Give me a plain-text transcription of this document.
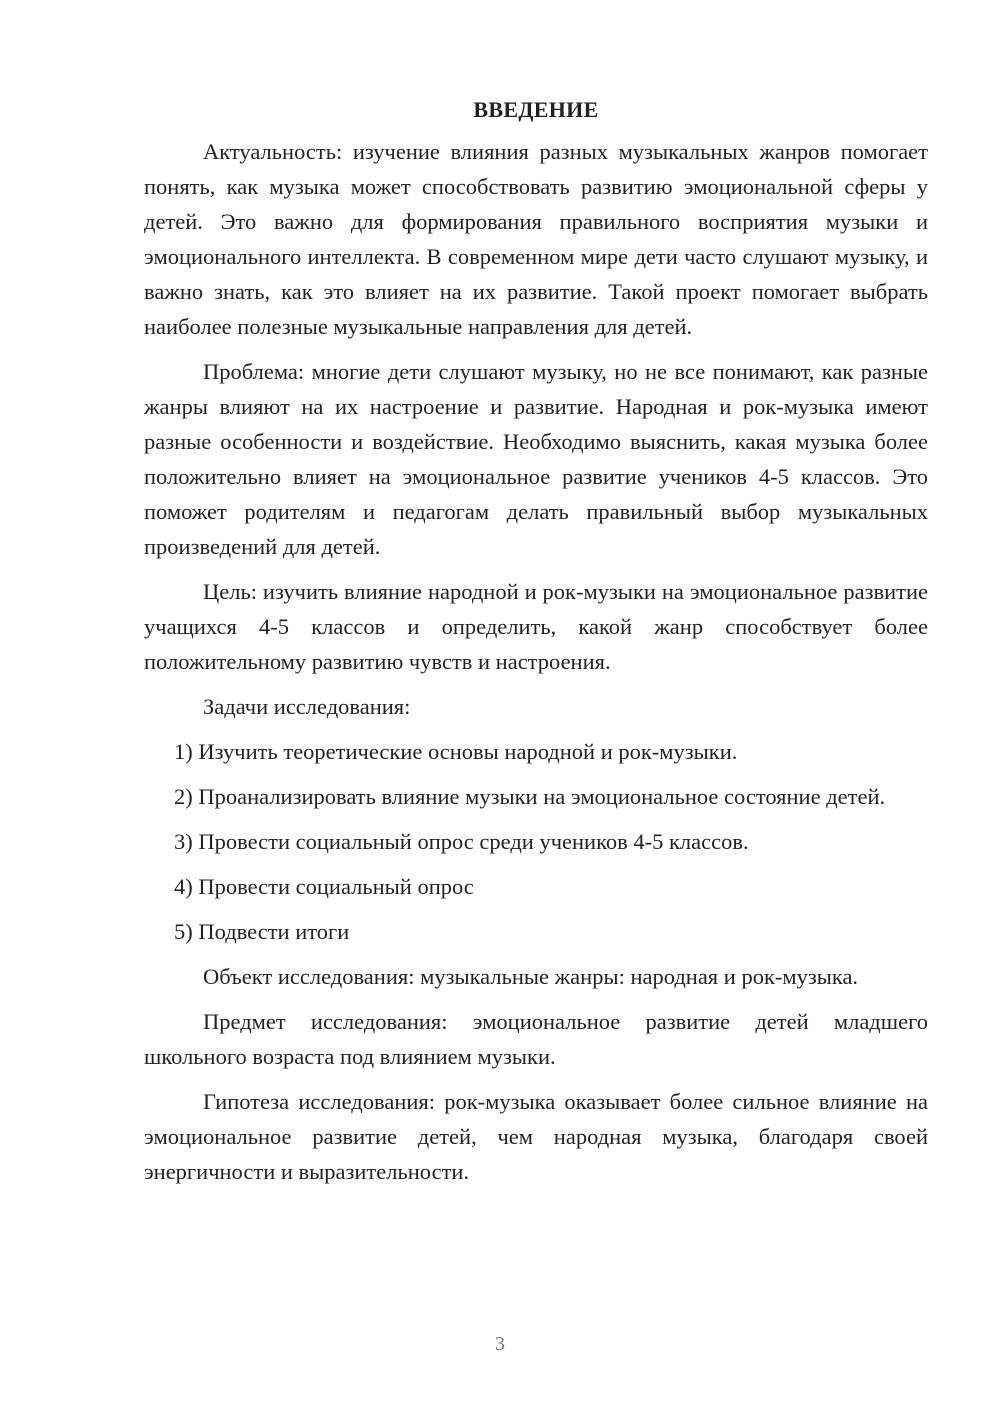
ВВЕДЕНИЕ

Актуальность: изучение влияния разных музыкальных жанров помогает понять, как музыка может способствовать развитию эмоциональной сферы у детей. Это важно для формирования правильного восприятия музыки и эмоционального интеллекта. В современном мире дети часто слушают музыку, и важно знать, как это влияет на их развитие. Такой проект помогает выбрать наиболее полезные музыкальные направления для детей.

Проблема: многие дети слушают музыку, но не все понимают, как разные жанры влияют на их настроение и развитие. Народная и рок-музыка имеют разные особенности и воздействие. Необходимо выяснить, какая музыка более положительно влияет на эмоциональное развитие учеников 4-5 классов. Это поможет родителям и педагогам делать правильный выбор музыкальных произведений для детей.

Цель: изучить влияние народной и рок-музыки на эмоциональное развитие учащихся 4-5 классов и определить, какой жанр способствует более положительному развитию чувств и настроения.

Задачи исследования:

1) Изучить теоретические основы народной и рок-музыки.

2) Проанализировать влияние музыки на эмоциональное состояние детей.

3) Провести социальный опрос среди учеников 4-5 классов.

4) Провести социальный опрос

5) Подвести итоги

Объект исследования: музыкальные жанры: народная и рок-музыка.

Предмет исследования: эмоциональное развитие детей младшего школьного возраста под влиянием музыки.

Гипотеза исследования: рок-музыка оказывает более сильное влияние на эмоциональное развитие детей, чем народная музыка, благодаря своей энергичности и выразительности.

3
